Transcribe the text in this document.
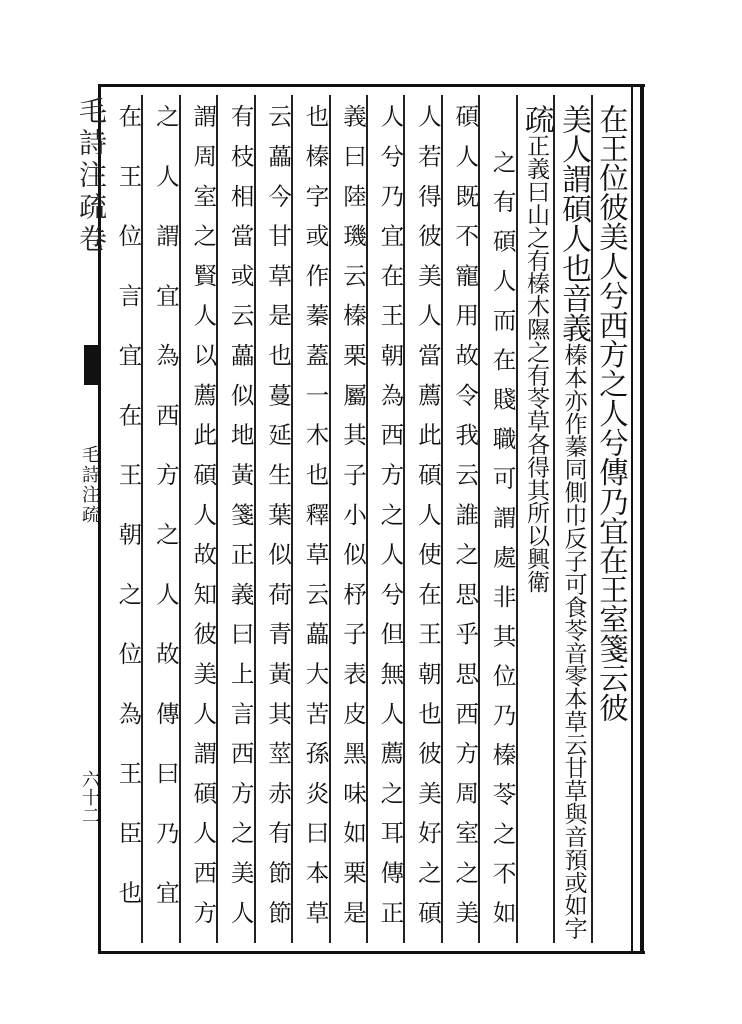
毛詩注疏卷
毛詩注疏
六十二
在王位彼美人兮西方之人兮傳乃宜在王室箋云彼
美人謂碩人也音義榛本亦作蓁同側巾反子可食苓音零本草云甘草與音預或如字
疏正義曰山之有榛木隰之有苓草各得其所以興衛
之有碩人而在賤職可謂處非其位乃榛苓之不如
碩人既不寵用故令我云誰之思乎思西方周室之美
人若得彼美人當薦此碩人使在王朝也彼美好之碩
人兮乃宜在王朝為西方之人兮但無人薦之耳傳正
義曰陸璣云榛栗屬其子小似杼子表皮黑味如栗是
也榛字或作蓁蓋一木也釋草云藟大苦孫炎曰本草
云藟今甘草是也蔓延生葉似荷青黃其莖赤有節節
有枝相當或云藟似地黃箋正義曰上言西方之美人
謂周室之賢人以薦此碩人故知彼美人謂碩人西方
之人謂宜為西方之人故傳曰乃宜
在王位言宜在王朝之位為王臣也
